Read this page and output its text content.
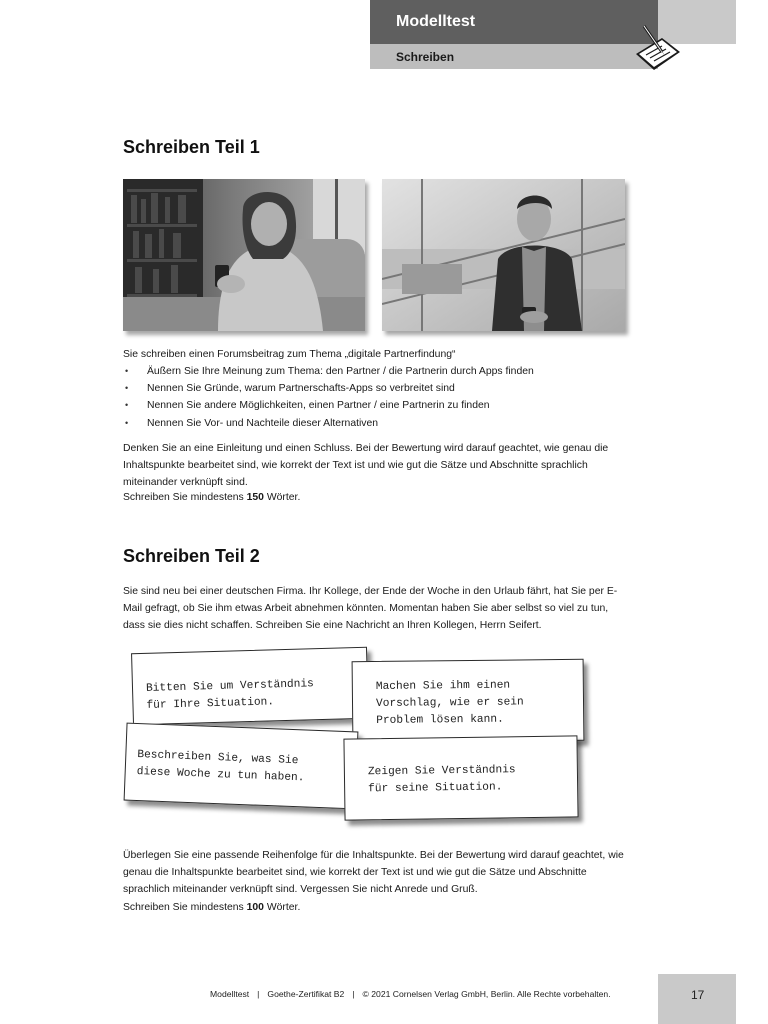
Modelltest
Schreiben
Schreiben Teil 1

Sie schreiben einen Forumsbeitrag zum Thema „digitale Partnerfindung“

• Äußern Sie Ihre Meinung zum Thema: den Partner / die Partnerin durch Apps finden
• Nennen Sie Gründe, warum Partnerschafts-Apps so verbreitet sind
• Nennen Sie andere Möglichkeiten, einen Partner / eine Partnerin zu finden
• Nennen Sie Vor- und Nachteile dieser Alternativen

Denken Sie an eine Einleitung und einen Schluss. Bei der Bewertung wird darauf geachtet, wie genau die Inhaltspunkte bearbeitet sind, wie korrekt der Text ist und wie gut die Sätze und Abschnitte sprachlich miteinander verknüpft sind.

Schreiben Sie mindestens 150 Wörter.

Schreiben Teil 2

Sie sind neu bei einer deutschen Firma. Ihr Kollege, der Ende der Woche in den Urlaub fährt, hat Sie per E-Mail gefragt, ob Sie ihm etwas Arbeit abnehmen könnten. Momentan haben Sie aber selbst so viel zu tun, dass sie dies nicht schaffen. Schreiben Sie eine Nachricht an Ihren Kollegen, Herrn Seifert.

Bitten Sie um Verständnis
für Ihre Situation.
Machen Sie ihm einen
Vorschlag, wie er sein
Problem lösen kann.
Beschreiben Sie, was Sie
diese Woche zu tun haben.	Zeigen Sie Verständnis
für seine Situation.

Überlegen Sie eine passende Reihenfolge für die Inhaltspunkte. Bei der Bewertung wird darauf geachtet, wie genau die Inhaltspunkte bearbeitet sind, wie korrekt der Text ist und wie gut die Sätze und Abschnitte sprachlich miteinander verknüpft sind. Vergessen Sie nicht Anrede und Gruß.

Schreiben Sie mindestens 100 Wörter.

Modelltest | Goethe-Zertifikat B2 | © 2021 Cornelsen Verlag GmbH, Berlin. Alle Rechte vorbehalten.	17
